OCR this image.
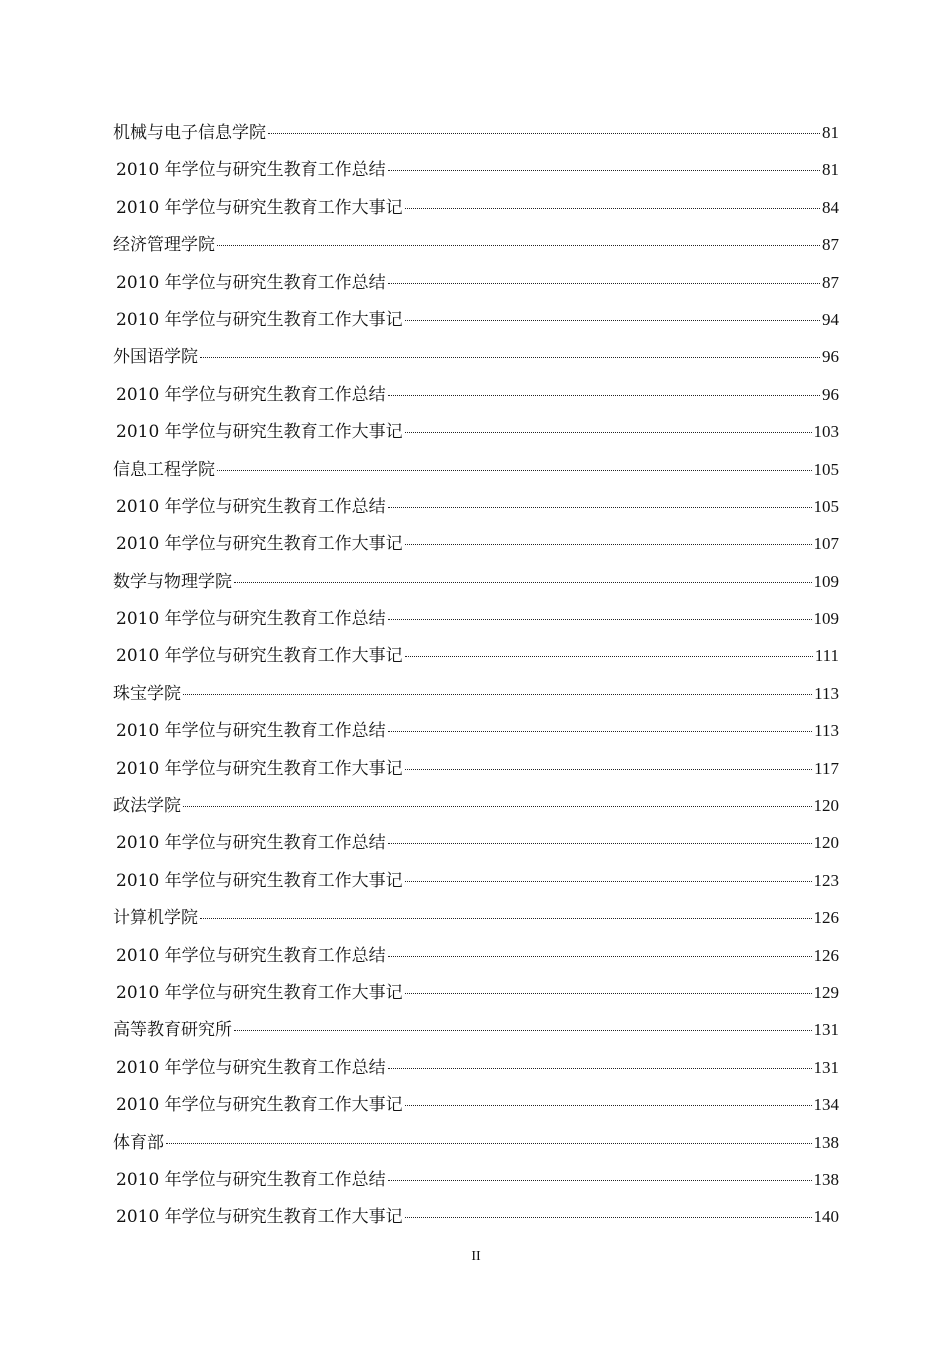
机械与电子信息学院	81
2010 年学位与研究生教育工作总结	81
2010 年学位与研究生教育工作大事记	84
经济管理学院	87
2010 年学位与研究生教育工作总结	87
2010 年学位与研究生教育工作大事记	94
外国语学院	96
2010 年学位与研究生教育工作总结	96
2010 年学位与研究生教育工作大事记	103
信息工程学院	105
2010 年学位与研究生教育工作总结	105
2010 年学位与研究生教育工作大事记	107
数学与物理学院	109
2010 年学位与研究生教育工作总结	109
2010 年学位与研究生教育工作大事记	111
珠宝学院	113
2010 年学位与研究生教育工作总结	113
2010 年学位与研究生教育工作大事记	117
政法学院	120
2010 年学位与研究生教育工作总结	120
2010 年学位与研究生教育工作大事记	123
计算机学院	126
2010 年学位与研究生教育工作总结	126
2010 年学位与研究生教育工作大事记	129
高等教育研究所	131
2010 年学位与研究生教育工作总结	131
2010 年学位与研究生教育工作大事记	134
体育部	138
2010 年学位与研究生教育工作总结	138
2010 年学位与研究生教育工作大事记	140
II
